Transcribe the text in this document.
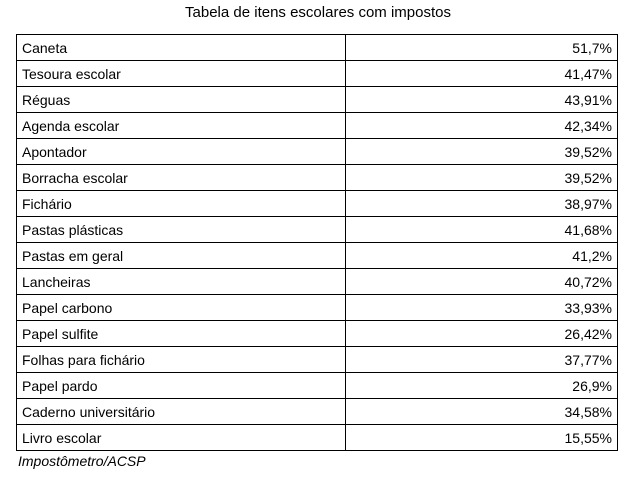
Tabela de itens escolares com impostos
Caneta	51,7%
Tesoura escolar	41,47%
Réguas	43,91%
Agenda escolar	42,34%
Apontador	39,52%
Borracha escolar	39,52%
Fichário	38,97%
Pastas plásticas	41,68%
Pastas em geral	41,2%
Lancheiras	40,72%
Papel carbono	33,93%
Papel sulfite	26,42%
Folhas para fichário	37,77%
Papel pardo	26,9%
Caderno universitário	34,58%
Livro escolar	15,55%
Impostômetro/ACSP
